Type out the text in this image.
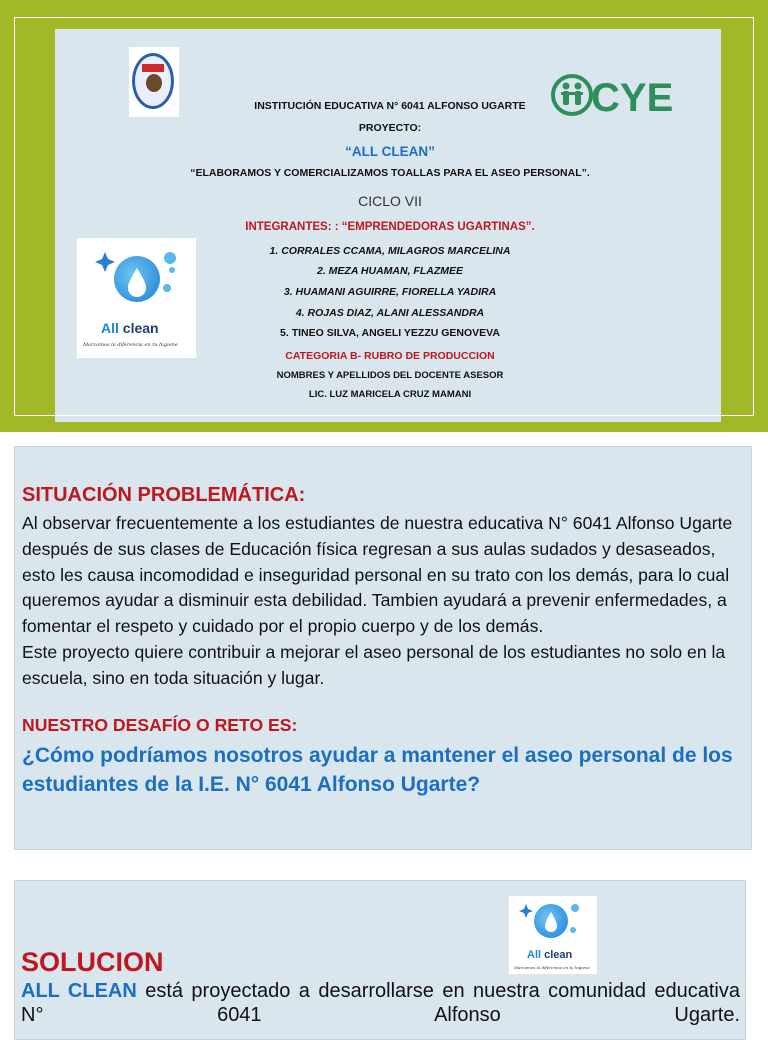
CYE
INSTITUCIÓN EDUCATIVA N° 6041 ALFONSO UGARTE
PROYECTO:
“ALL CLEAN”
“ELABORAMOS Y COMERCIALIZAMOS TOALLAS PARA EL ASEO PERSONAL”.
CICLO VII
INTEGRANTES: : “EMPRENDEDORAS UGARTINAS”.
1. CORRALES CCAMA, MILAGROS MARCELINA
2. MEZA HUAMAN, FLAZMEE
3. HUAMANI AGUIRRE, FIORELLA YADIRA
4. ROJAS DIAZ, ALANI ALESSANDRA
5. TINEO SILVA, ANGELI YEZZU GENOVEVA
CATEGORIA B- RUBRO DE PRODUCCION
NOMBRES Y APELLIDOS DEL DOCENTE ASESOR
LIC. LUZ MARICELA CRUZ MAMANI
All clean
Marcamos la diferencia en tu higiene
SITUACIÓN PROBLEMÁTICA:
Al observar frecuentemente a los estudiantes de nuestra educativa N° 6041 Alfonso Ugarte después de sus clases de Educación física regresan a sus aulas sudados y desaseados, esto les causa incomodidad e inseguridad personal en su trato con los demás, para lo cual queremos ayudar a disminuir esta debilidad. Tambien ayudará a prevenir enfermedades, a fomentar el respeto y cuidado por el propio cuerpo y de los demás.
Este proyecto quiere contribuir a mejorar el aseo personal de los estudiantes no solo en la escuela, sino en toda situación y lugar.
NUESTRO DESAFÍO O RETO ES:
¿Cómo podríamos nosotros ayudar a mantener el aseo personal de los estudiantes de la I.E. N° 6041 Alfonso Ugarte?
All clean
Marcamos la diferencia en tu higiene
SOLUCION
ALL CLEAN está proyectado a desarrollarse en nuestra comunidad educativa N° 6041 Alfonso Ugarte.
